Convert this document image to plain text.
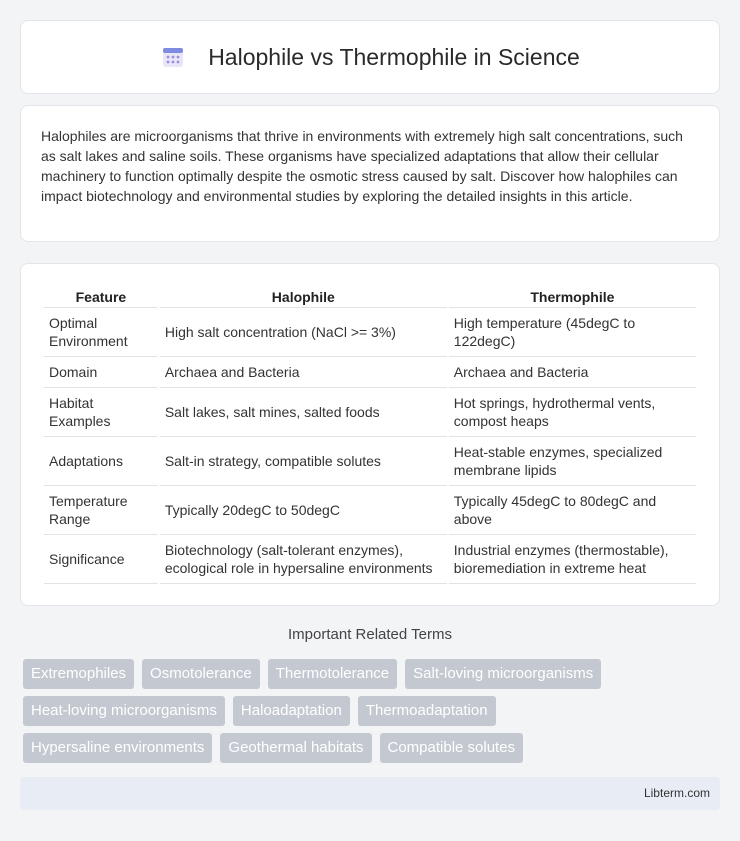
Halophile vs Thermophile in Science

Halophiles are microorganisms that thrive in environments with extremely high salt concentrations, such as salt lakes and saline soils. These organisms have specialized adaptations that allow their cellular machinery to function optimally despite the osmotic stress caused by salt. Discover how halophiles can impact biotechnology and environmental studies by exploring the detailed insights in this article.

Feature	Halophile	Thermophile
Optimal Environment	High salt concentration (NaCl >= 3%)	High temperature (45degC to 122degC)
Domain	Archaea and Bacteria	Archaea and Bacteria
Habitat Examples	Salt lakes, salt mines, salted foods	Hot springs, hydrothermal vents, compost heaps
Adaptations	Salt-in strategy, compatible solutes	Heat-stable enzymes, specialized membrane lipids
Temperature Range	Typically 20degC to 50degC	Typically 45degC to 80degC and above
Significance	Biotechnology (salt-tolerant enzymes), ecological role in hypersaline environments	Industrial enzymes (thermostable), bioremediation in extreme heat
Important Related Terms
Extremophiles	Osmotolerance	Thermotolerance	Salt-loving microorganisms
Heat-loving microorganisms	Haloadaptation	Thermoadaptation
Hypersaline environments	Geothermal habitats	Compatible solutes
Libterm.com
